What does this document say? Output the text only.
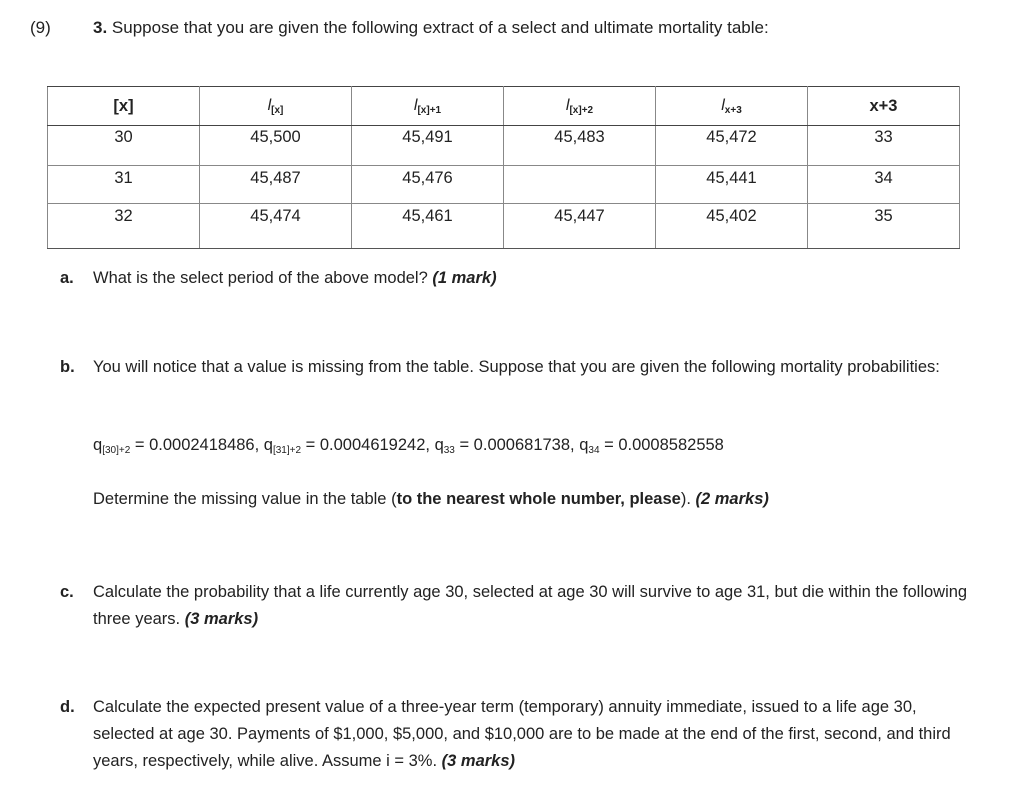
(9) 3. Suppose that you are given the following extract of a select and ultimate mortality table:
[x]	$l_{[x]}$	$l_{[x]+1}$	$l_{[x]+2}$	$l_{x+3}$	x+3
30	45,500	45,491	45,483	45,472	33
31	45,487	45,476		45,441	34
32	45,474	45,461	45,447	45,402	35
a. What is the select period of the above model? (1 mark)
b. You will notice that a value is missing from the table. Suppose that you are given the following mortality probabilities:
$q_{[30]+2} = 0.0002418486$, $q_{[31]+2} = 0.0004619242$, $q_{33} = 0.000681738$, $q_{34} = 0.0008582558$
Determine the missing value in the table (to the nearest whole number, please). (2 marks)
c. Calculate the probability that a life currently age 30, selected at age 30 will survive to age 31, but die within the following three years. (3 marks)
d. Calculate the expected present value of a three-year term (temporary) annuity immediate, issued to a life age 30, selected at age 30. Payments of $1,000, $5,000, and $10,000 are to be made at the end of the first, second, and third years, respectively, while alive. Assume i = 3%. (3 marks)
